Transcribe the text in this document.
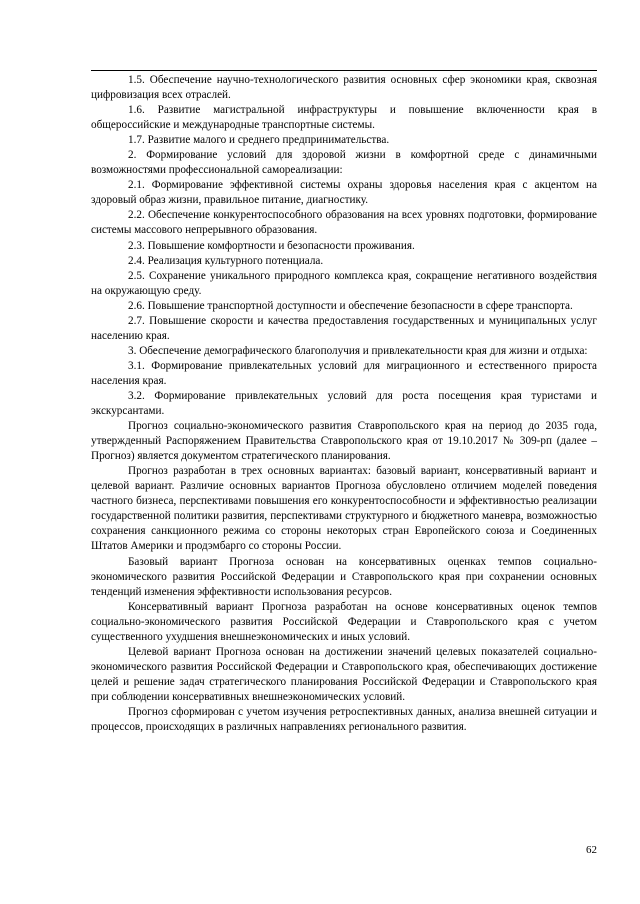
1.5. Обеспечение научно-технологического развития основных сфер экономики края, сквозная цифровизация всех отраслей.

1.6. Развитие магистральной инфраструктуры и повышение включенности края в общероссийские и международные транспортные системы.

1.7. Развитие малого и среднего предпринимательства.

2. Формирование условий для здоровой жизни в комфортной среде с динамичными возможностями профессиональной самореализации:

2.1. Формирование эффективной системы охраны здоровья населения края с акцентом на здоровый образ жизни, правильное питание, диагностику.

2.2. Обеспечение конкурентоспособного образования на всех уровнях подготовки, формирование системы массового непрерывного образования.

2.3. Повышение комфортности и безопасности проживания.

2.4. Реализация культурного потенциала.

2.5. Сохранение уникального природного комплекса края, сокращение негативного воздействия на окружающую среду.

2.6. Повышение транспортной доступности и обеспечение безопасности в сфере транспорта.

2.7. Повышение скорости и качества предоставления государственных и муниципальных услуг населению края.

3. Обеспечение демографического благополучия и привлекательности края для жизни и отдыха:

3.1. Формирование привлекательных условий для миграционного и естественного прироста населения края.

3.2. Формирование привлекательных условий для роста посещения края туристами и экскурсантами.

Прогноз социально-экономического развития Ставропольского края на период до 2035 года, утвержденный Распоряжением Правительства Ставропольского края от 19.10.2017 № 309-рп (далее – Прогноз) является документом стратегического планирования.

Прогноз разработан в трех основных вариантах: базовый вариант, консервативный вариант и целевой вариант. Различие основных вариантов Прогноза обусловлено отличием моделей поведения частного бизнеса, перспективами повышения его конкурентоспособности и эффективностью реализации государственной политики развития, перспективами структурного и бюджетного маневра, возможностью сохранения санкционного режима со стороны некоторых стран Европейского союза и Соединенных Штатов Америки и продэмбарго со стороны России.

Базовый вариант Прогноза основан на консервативных оценках темпов социально-экономического развития Российской Федерации и Ставропольского края при сохранении основных тенденций изменения эффективности использования ресурсов.

Консервативный вариант Прогноза разработан на основе консервативных оценок темпов социально-экономического развития Российской Федерации и Ставропольского края с учетом существенного ухудшения внешнеэкономических и иных условий.

Целевой вариант Прогноза основан на достижении значений целевых показателей социально-экономического развития Российской Федерации и Ставропольского края, обеспечивающих достижение целей и решение задач стратегического планирования Российской Федерации и Ставропольского края при соблюдении консервативных внешнеэкономических условий.

Прогноз сформирован с учетом изучения ретроспективных данных, анализа внешней ситуации и процессов, происходящих в различных направлениях регионального развития.

62
